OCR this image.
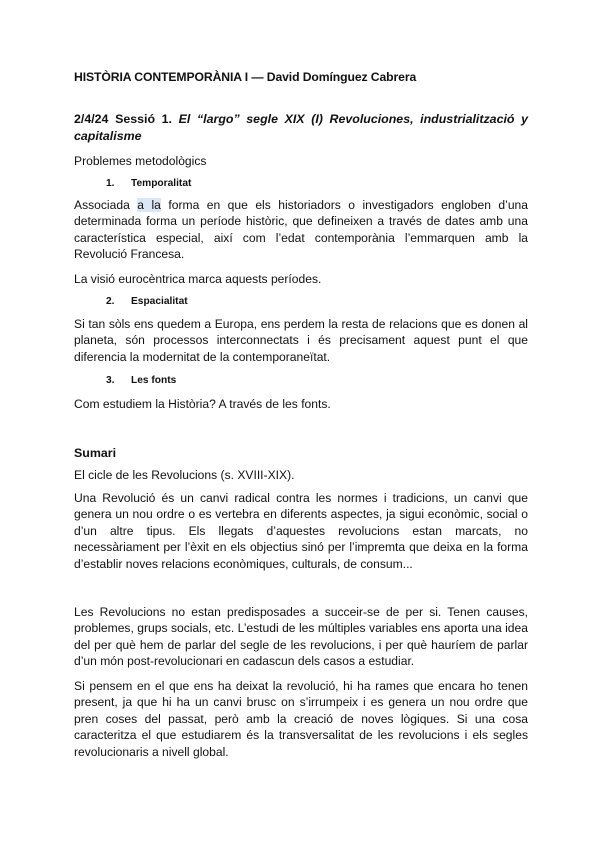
HISTÒRIA CONTEMPORÀNIA I — David Domínguez Cabrera

2/4/24 Sessió 1. El “largo” segle XIX (I) Revoluciones, industrialització y capitalisme

Problemes metodològics

1. Temporalitat

Associada a la forma en que els historiadors o investigadors engloben d’una determinada forma un període històric, que defineixen a través de dates amb una característica especial, així com l’edat contemporània l’emmarquen amb la Revolució Francesa.

La visió eurocèntrica marca aquests períodes.

2. Espacialitat

Si tan sòls ens quedem a Europa, ens perdem la resta de relacions que es donen al planeta, són processos interconnectats i és precisament aquest punt el que diferencia la modernitat de la contemporaneïtat.

3. Les fonts

Com estudiem la Història? A través de les fonts.

Sumari

El cicle de les Revolucions (s. XVIII-XIX).

Una Revolució és un canvi radical contra les normes i tradicions, un canvi que genera un nou ordre o es vertebra en diferents aspectes, ja sigui econòmic, social o d’un altre tipus. Els llegats d’aquestes revolucions estan marcats, no necessàriament per l’èxit en els objectius sinó per l’impremta que deixa en la forma d’establir noves relacions econòmiques, culturals, de consum...

Les Revolucions no estan predisposades a succeir-se de per si. Tenen causes, problemes, grups socials, etc. L’estudi de les múltiples variables ens aporta una idea del per què hem de parlar del segle de les revolucions, i per què hauríem de parlar d’un món post-revolucionari en cadascun dels casos a estudiar.

Si pensem en el que ens ha deixat la revolució, hi ha rames que encara ho tenen present, ja que hi ha un canvi brusc on s’irrumpeix i es genera un nou ordre que pren coses del passat, però amb la creació de noves lògiques. Si una cosa caracteritza el que estudiarem és la transversalitat de les revolucions i els segles revolucionaris a nivell global.
